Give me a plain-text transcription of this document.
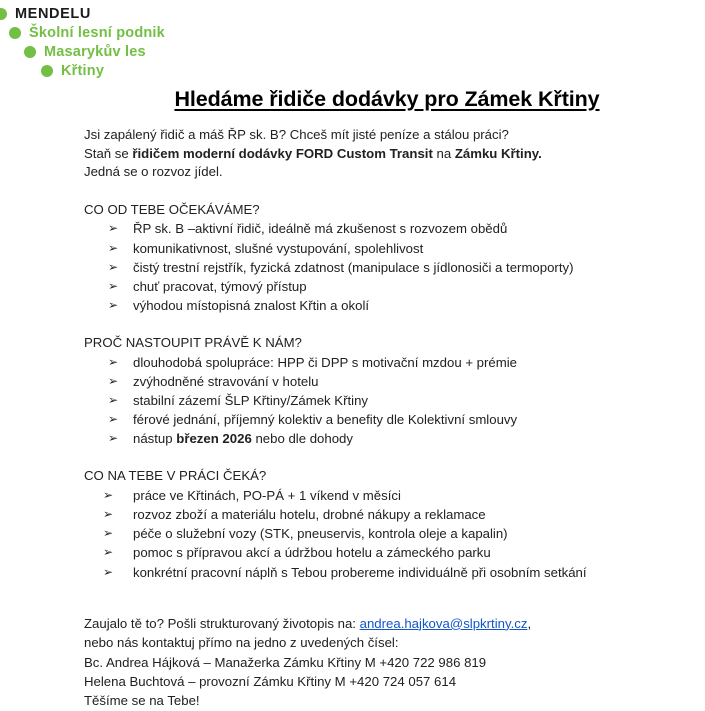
MENDELU
Školní lesní podnik
Masarykův les
Křtiny
Hledáme řidiče dodávky pro Zámek Křtiny
Jsi zapálený řidič a máš ŘP sk. B? Chceš mít jisté peníze a stálou práci?
Staň se řidičem moderní dodávky FORD Custom Transit na Zámku Křtiny.
Jedná se o rozvoz jídel.
CO OD TEBE OČEKÁVÁME?
➢ ŘP sk. B –aktivní řidič, ideálně má zkušenost s rozvozem obědů
➢ komunikativnost, slušné vystupování, spolehlivost
➢ čistý trestní rejstřík, fyzická zdatnost (manipulace s jídlonosiči a termoporty)
➢ chuť pracovat, týmový přístup
➢ výhodou místopisná znalost Křtin a okolí
PROČ NASTOUPIT PRÁVĚ K NÁM?
➢ dlouhodobá spolupráce: HPP či DPP s motivační mzdou + prémie
➢ zvýhodněné stravování v hotelu
➢ stabilní zázemí ŠLP Křtiny/Zámek Křtiny
➢ férové jednání, příjemný kolektiv a benefity dle Kolektivní smlouvy
➢ nástup březen 2026 nebo dle dohody
CO NA TEBE V PRÁCI ČEKÁ?
➢ práce ve Křtinách, PO-PÁ + 1 víkend v měsíci
➢ rozvoz zboží a materiálu hotelu, drobné nákupy a reklamace
➢ péče o služební vozy (STK, pneuservis, kontrola oleje a kapalin)
➢ pomoc s přípravou akcí a údržbou hotelu a zámeckého parku
➢ konkrétní pracovní náplň s Tebou probereme individuálně při osobním setkání
Zaujalo tě to? Pošli strukturovaný životopis na: andrea.hajkova@slpkrtiny.cz,
nebo nás kontaktuj přímo na jedno z uvedených čísel:
Bc. Andrea Hájková – Manažerka Zámku Křtiny M +420 722 986 819
Helena Buchtová – provozní Zámku Křtiny M +420 724 057 614
Těšíme se na Tebe!
